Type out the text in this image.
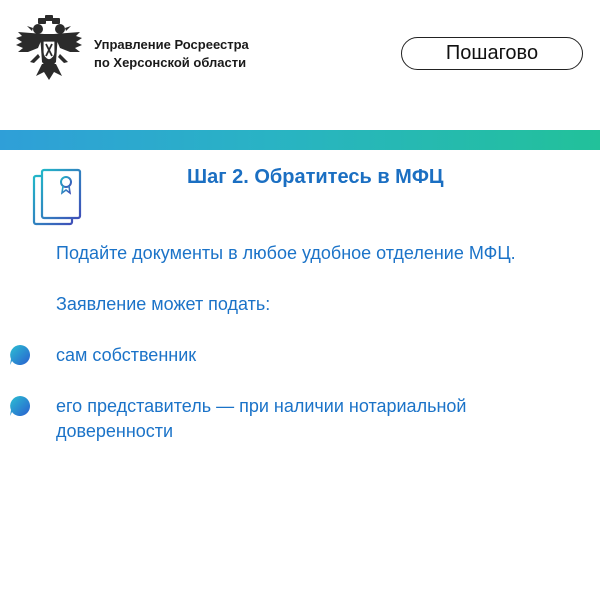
Управление Росреестра
по Херсонской области	Пошагово
Шаг 2. Обратитесь в МФЦ
Подайте документы в любое удобное отделение МФЦ.
Заявление может подать:
сам собственник
его представитель — при наличии нотариальной доверенности
